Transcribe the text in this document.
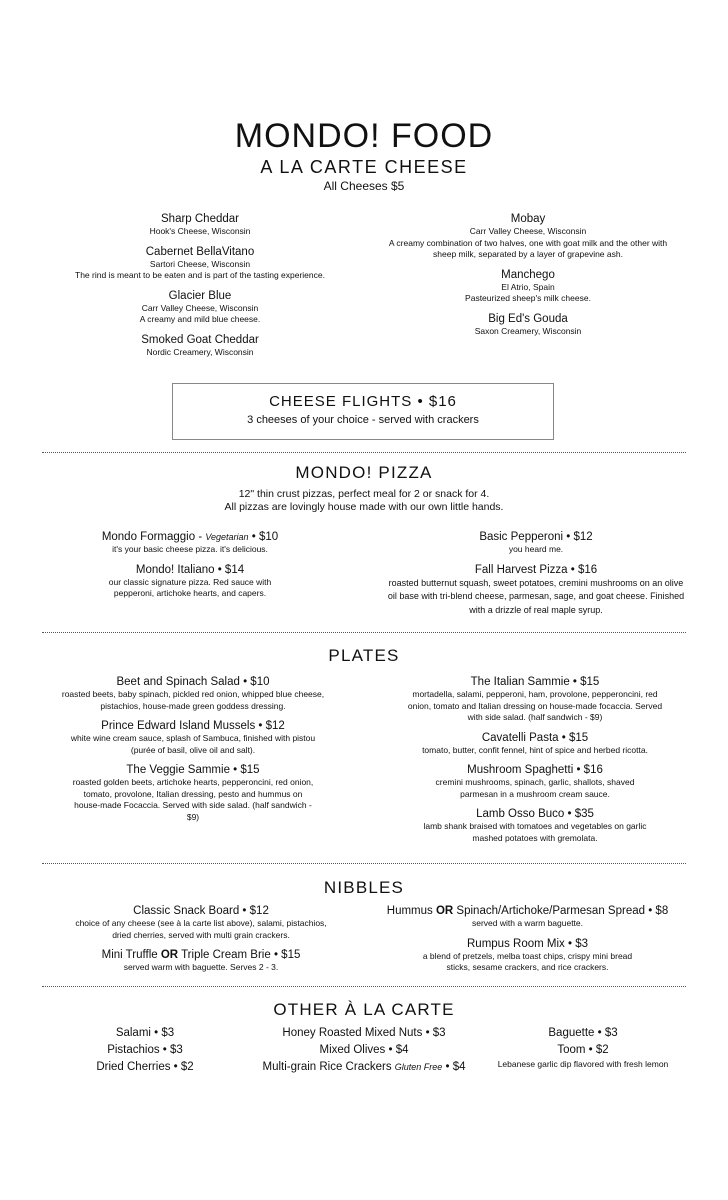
MONDO! FOOD
A LA CARTE CHEESE
All Cheeses $5
Sharp Cheddar
Hook's Cheese, Wisconsin
Cabernet BellaVitano
Sartori Cheese, Wisconsin
The rind is meant to be eaten and is part of the tasting experience.
Glacier Blue
Carr Valley Cheese, Wisconsin
A creamy and mild blue cheese.
Smoked Goat Cheddar
Nordic Creamery, Wisconsin
Mobay
Carr Valley Cheese, Wisconsin
A creamy combination of two halves, one with goat milk and the other with sheep milk, separated by a layer of grapevine ash.
Manchego
El Atrio, Spain
Pasteurized sheep's milk cheese.
Big Ed's Gouda
Saxon Creamery, Wisconsin
CHEESE FLIGHTS • $16
3 cheeses of your choice - served with crackers
MONDO! PIZZA
12" thin crust pizzas, perfect meal for 2 or snack for 4.
All pizzas are lovingly house made with our own little hands.
Mondo Formaggio - Vegetarian • $10
it's your basic cheese pizza. it's delicious.
Mondo! Italiano • $14
our classic signature pizza. Red sauce with pepperoni, artichoke hearts, and capers.
Basic Pepperoni • $12
you heard me.
Fall Harvest Pizza • $16
roasted butternut squash, sweet potatoes, cremini mushrooms on an olive oil base with tri-blend cheese, parmesan, sage, and goat cheese. Finished with a drizzle of real maple syrup.
PLATES
Beet and Spinach Salad • $10
roasted beets, baby spinach, pickled red onion, whipped blue cheese, pistachios, house-made green goddess dressing.
Prince Edward Island Mussels • $12
white wine cream sauce, splash of Sambuca, finished with pistou (purée of basil, olive oil and salt).
The Veggie Sammie • $15
roasted golden beets, artichoke hearts, pepperoncini, red onion, tomato, provolone, Italian dressing, pesto and hummus on house-made Focaccia. Served with side salad. (half sandwich - $9)
The Italian Sammie • $15
mortadella, salami, pepperoni, ham, provolone, pepperoncini, red onion, tomato and Italian dressing on house-made focaccia. Served with side salad. (half sandwich - $9)
Cavatelli Pasta • $15
tomato, butter, confit fennel, hint of spice and herbed ricotta.
Mushroom Spaghetti • $16
cremini mushrooms, spinach, garlic, shallots, shaved parmesan in a mushroom cream sauce.
Lamb Osso Buco • $35
lamb shank braised with tomatoes and vegetables on garlic mashed potatoes with gremolata.
NIBBLES
Classic Snack Board • $12
choice of any cheese (see à la carte list above), salami, pistachios, dried cherries, served with multi grain crackers.
Mini Truffle OR Triple Cream Brie • $15
served warm with baguette. Serves 2 - 3.
Hummus OR Spinach/Artichoke/Parmesan Spread • $8
served with a warm baguette.
Rumpus Room Mix • $3
a blend of pretzels, melba toast chips, crispy mini bread sticks, sesame crackers, and rice crackers.
OTHER À LA CARTE
Salami • $3
Pistachios • $3
Dried Cherries • $2
Honey Roasted Mixed Nuts • $3
Mixed Olives • $4
Multi-grain Rice Crackers Gluten Free • $4
Baguette • $3
Toom • $2
Lebanese garlic dip flavored with fresh lemon
